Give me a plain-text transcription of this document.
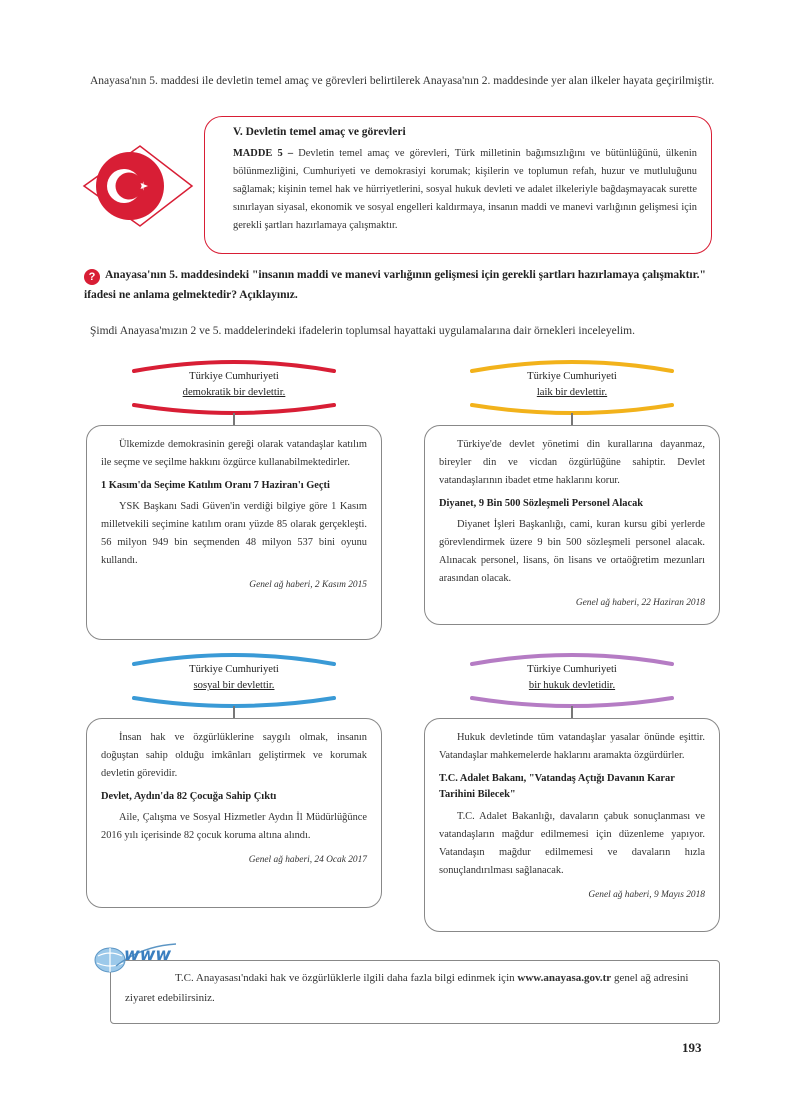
Anayasa'nın 5. maddesi ile devletin temel amaç ve görevleri belirtilerek Anayasa'nın 2. maddesinde yer alan ilkeler hayata geçirilmiştir.

V. Devletin temel amaç ve görevleri

MADDE 5 – Devletin temel amaç ve görevleri, Türk milletinin bağımsızlığını ve bütünlüğünü, ülkenin bölünmezliğini, Cumhuriyeti ve demokrasiyi korumak; kişilerin ve toplumun refah, huzur ve mutluluğunu sağlamak; kişinin temel hak ve hürriyetlerini, sosyal hukuk devleti ve adalet ilkeleriyle bağdaşmayacak surette sınırlayan siyasal, ekonomik ve sosyal engelleri kaldırmaya, insanın maddi ve manevi varlığının gelişmesi için gerekli şartları hazırlamaya çalışmaktır.

? Anayasa'nın 5. maddesindeki "insanın maddi ve manevi varlığının gelişmesi için gerekli şartları hazırlamaya çalışmaktır." ifadesi ne anlama gelmektedir? Açıklayınız.

Şimdi Anayasa'mızın 2 ve 5. maddelerindeki ifadelerin toplumsal hayattaki uygulamalarına dair örnekleri inceleyelim.

Türkiye Cumhuriyeti
demokratik bir devlettir.

Ülkemizde demokrasinin gereği olarak vatandaşlar katılım ile seçme ve seçilme hakkını özgürce kullanabilmektedirler.

1 Kasım'da Seçime Katılım Oranı 7 Haziran'ı Geçti

YSK Başkanı Sadi Güven'in verdiği bilgiye göre 1 Kasım milletvekili seçimine katılım oranı yüzde 85 olarak gerçekleşti. 56 milyon 949 bin seçmenden 48 milyon 537 bini oyunu kullandı.

Genel ağ haberi, 2 Kasım 2015
Türkiye Cumhuriyeti
laik bir devlettir.

Türkiye'de devlet yönetimi din kurallarına dayanmaz, bireyler din ve vicdan özgürlüğüne sahiptir. Devlet vatandaşlarının ibadet etme haklarını korur.

Diyanet, 9 Bin 500 Sözleşmeli Personel Alacak

Diyanet İşleri Başkanlığı, cami, kuran kursu gibi yerlerde görevlendirmek üzere 9 bin 500 sözleşmeli personel alacak. Alınacak personel, lisans, ön lisans ve ortaöğretim mezunları arasından olacak.

Genel ağ haberi, 22 Haziran 2018
Türkiye Cumhuriyeti
sosyal bir devlettir.

İnsan hak ve özgürlüklerine saygılı olmak, insanın doğuştan sahip olduğu imkânları geliştirmek ve korumak devletin görevidir.

Devlet, Aydın'da 82 Çocuğa Sahip Çıktı

Aile, Çalışma ve Sosyal Hizmetler Aydın İl Müdürlüğünce 2016 yılı içerisinde 82 çocuk koruma altına alındı.

Genel ağ haberi, 24 Ocak 2017
Türkiye Cumhuriyeti
bir hukuk devletidir.

Hukuk devletinde tüm vatandaşlar yasalar önünde eşittir. Vatandaşlar mahkemelerde haklarını aramakta özgürdürler.

T.C. Adalet Bakanı, "Vatandaş Açtığı Davanın Karar Tarihini Bilecek"

T.C. Adalet Bakanlığı, davaların çabuk sonuçlanması ve vatandaşların mağdur edilmemesi için düzenleme yapıyor. Vatandaşın mağdur edilmemesi ve davaların hızla sonuçlandırılması sağlanacak.

Genel ağ haberi, 9 Mayıs 2018

T.C. Anayasası'ndaki hak ve özgürlüklerle ilgili daha fazla bilgi edinmek için www.anayasa.gov.tr genel ağ adresini ziyaret edebilirsiniz.

www
193
